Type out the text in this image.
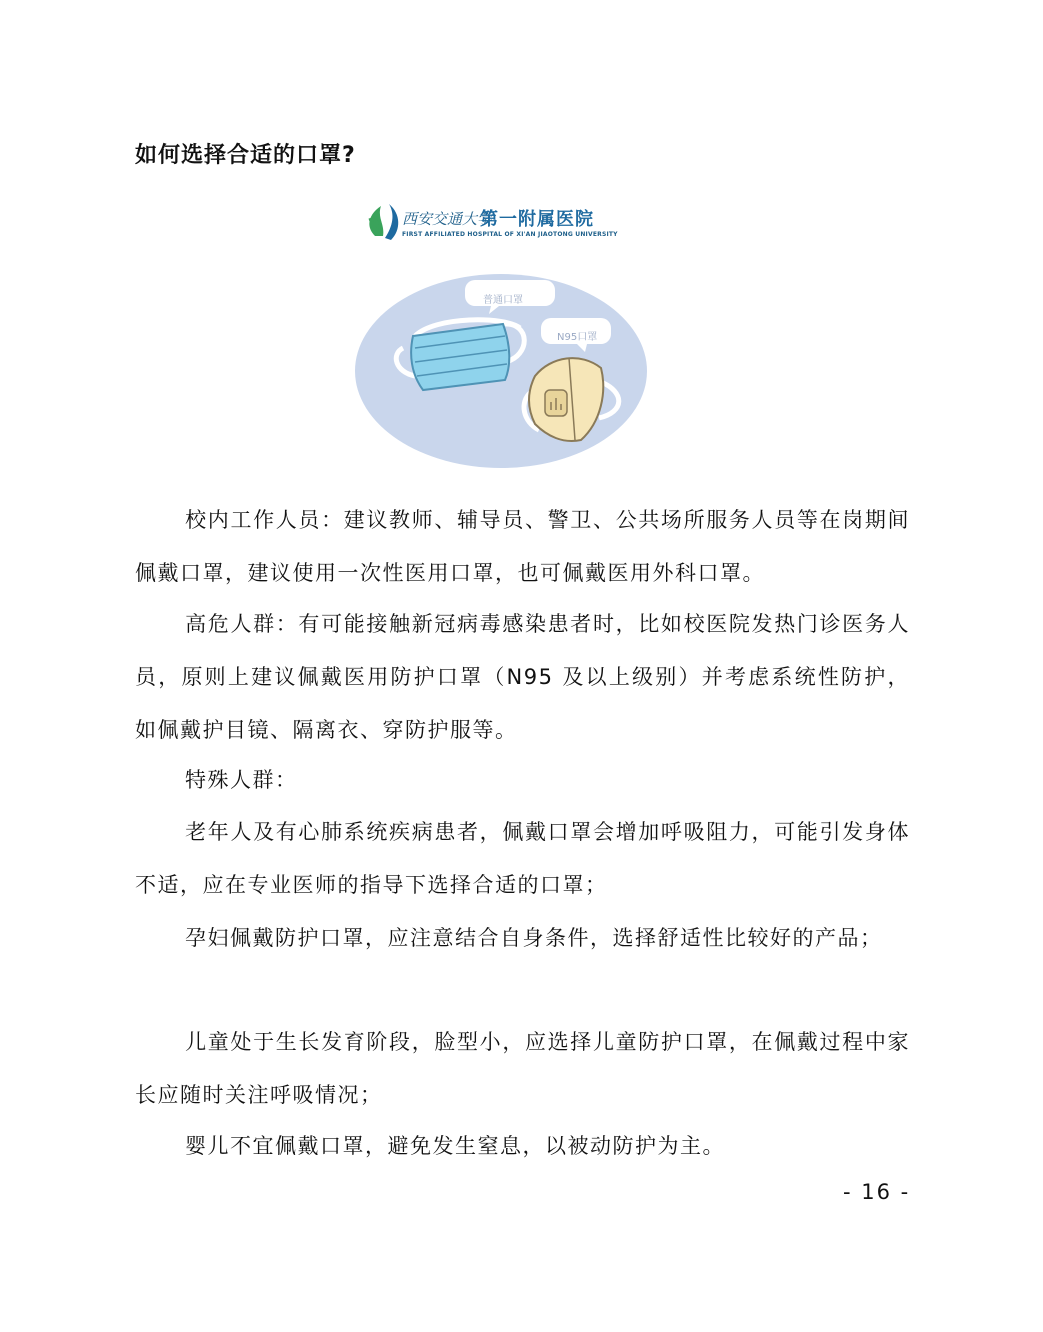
如何选择合适的口罩?
西安交通大学
第一附属医院
FIRST AFFILIATED HOSPITAL OF XI'AN JIAOTONG UNIVERSITY
普通口罩
N95口罩

校内工作人员：建议教师、辅导员、警卫、公共场所服务人员等在岗期间佩戴口罩，建议使用一次性医用口罩，也可佩戴医用外科口罩。

高危人群：有可能接触新冠病毒感染患者时，比如校医院发热门诊医务人员，原则上建议佩戴医用防护口罩（N95 及以上级别）并考虑系统性防护，如佩戴护目镜、隔离衣、穿防护服等。

特殊人群：

老年人及有心肺系统疾病患者，佩戴口罩会增加呼吸阻力，可能引发身体不适，应在专业医师的指导下选择合适的口罩；

孕妇佩戴防护口罩，应注意结合自身条件，选择舒适性比较好的产品；

儿童处于生长发育阶段，脸型小，应选择儿童防护口罩，在佩戴过程中家长应随时关注呼吸情况；

婴儿不宜佩戴口罩，避免发生窒息，以被动防护为主。

- 16 -
